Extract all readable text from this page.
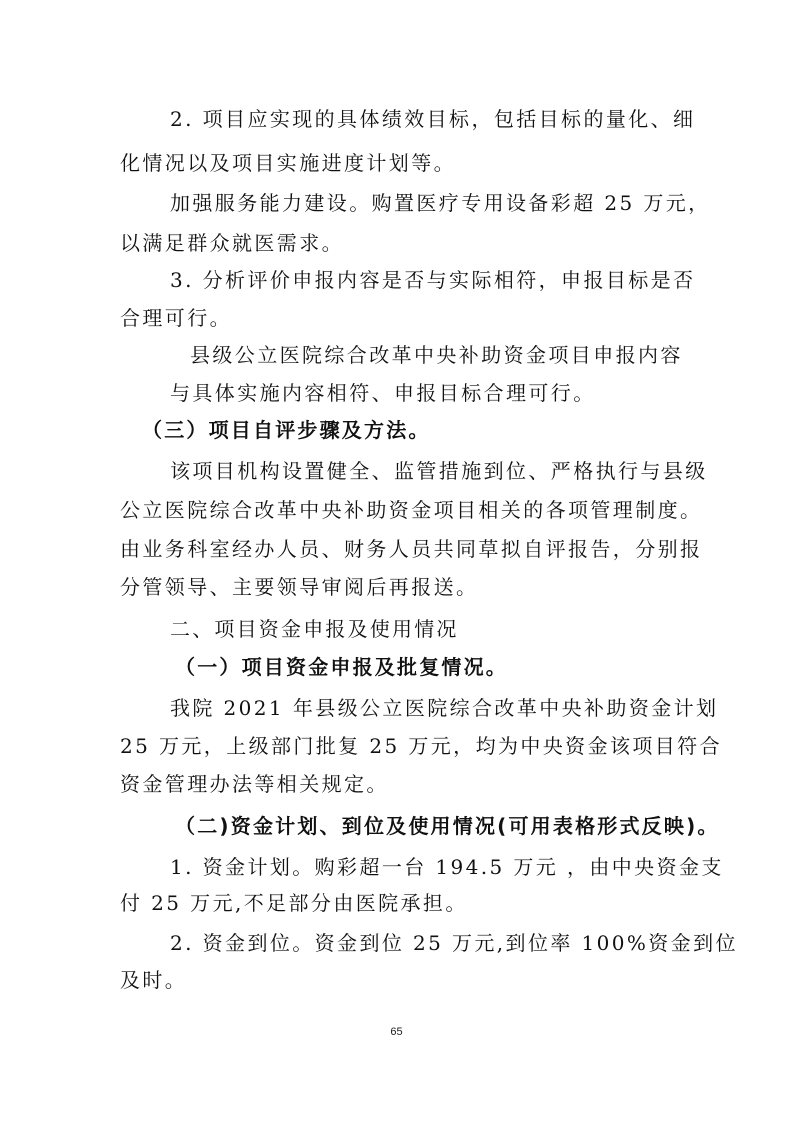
2. 项目应实现的具体绩效目标，包括目标的量化、细
化情况以及项目实施进度计划等。
加强服务能力建设。购置医疗专用设备彩超 25 万元，
以满足群众就医需求。
3. 分析评价申报内容是否与实际相符，申报目标是否
合理可行。
县级公立医院综合改革中央补助资金项目申报内容
与具体实施内容相符、申报目标合理可行。
（三）项目自评步骤及方法。
该项目机构设置健全、监管措施到位、严格执行与县级
公立医院综合改革中央补助资金项目相关的各项管理制度。
由业务科室经办人员、财务人员共同草拟自评报告，分别报
分管领导、主要领导审阅后再报送。
二、项目资金申报及使用情况
（一）项目资金申报及批复情况。
我院 2021 年县级公立医院综合改革中央补助资金计划
25 万元，上级部门批复 25 万元，均为中央资金该项目符合
资金管理办法等相关规定。
（二)资金计划、到位及使用情况(可用表格形式反映)。
1. 资金计划。购彩超一台 194.5 万元 ，由中央资金支
付 25 万元,不足部分由医院承担。
2. 资金到位。资金到位 25 万元,到位率 100%资金到位
及时。
65
